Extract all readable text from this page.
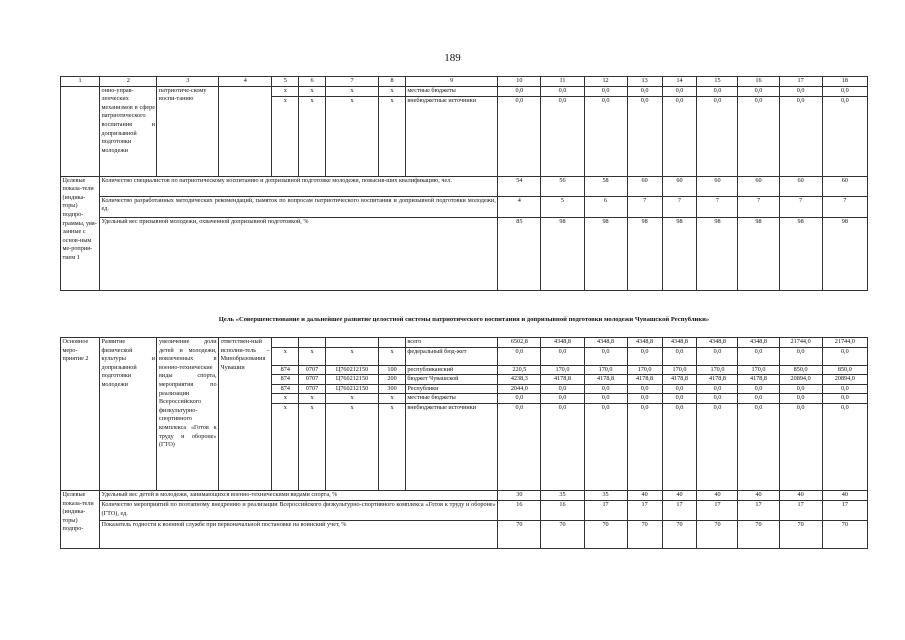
189
1	2	3	4	5	6	7	8	9	10	11	12	13	14	15	16	17	18
	онно-управ-ленческих механизмов в сфере патриотического воспитания и допризывной подготовки молодежи	патриотиче-скому воспи-танию		x	x	x	x	местные бюджеты	0,0	0,0	0,0	0,0	0,0	0,0	0,0	0,0	0,0
				x	x	x	x	внебюджетные источники	0,0	0,0	0,0	0,0	0,0	0,0	0,0	0,0	0,0
Целевые показа-тели (индика-торы) подпро-граммы, увя-занные с основ-ным ме-роприя-тием 1	Количество специалистов по патриотическому воспитанию и допризывной подготовке молодежи, повысив-ших квалификацию, чел.								54	56	58	60	60	60	60	60	60
	Количество разработанных методических рекомендаций, памяток по вопросам патриотического воспитания и допризывной подготовки молодежи, ед.								4	5	6	7	7	7	7	7	7
	Удельный вес призывной молодежи, охваченной допризывной подготовкой, %								85	98	98	98	98	98	98	98	98
Цель «Совершенствование и дальнейшее развитие целостной системы патриотического воспитания и допризывной подготовки молодежи Чувашской Республики»
Основное меро-приятие 2	Развитие физической культуры и допризывной подготовки молодежи	увеличение доли детей и молодежи, вовлеченных в военно-технические виды спорта, мероприятия по реализации Всероссийского физкультурно-спортивного комплекса «Готов к труду и обороне» (ГТО)	ответствен-ный исполни-тель – Минобразования Чувашии					всего	6502,8	4348,8	4348,8	4348,8	4348,8	4348,8	4348,8	21744,0	21744,0
				x	x	x	x	федеральный бюд-жет	0,0	0,0	0,0	0,0	0,0	0,0	0,0	0,0	0,0
				874	0707	Ц760212150	100	республиканский	220,5	170,0	170,0	170,0	170,0	170,0	170,0	850,0	850,0
				874	0707	Ц760212150	200	бюджет Чувашской	4238,3	4178,8	4178,8	4178,8	4178,8	4178,8	4178,8	20894,0	20894,0
				874	0707	Ц760212150	300	Республики	2044,0	0,0	0,0	0,0	0,0	0,0	0,0	0,0	0,0
				x	x	x	x	местные бюджеты	0,0	0,0	0,0	0,0	0,0	0,0	0,0	0,0	0,0
				x	x	x	x	внебюджетные источники	0,0	0,0	0,0	0,0	0,0	0,0	0,0	0,0	0,0
Целевые показа-тели (индика-торы) подпро-	Удельный вес детей и молодежи, занимающихся военно-техническими видами спорта, %								30	35	35	40	40	40	40	40	40
	Количество мероприятий по поэтапному внедрению и реализации Всероссийского физкультурно-спортивного комплекса «Готов к труду и обороне» (ГТО), ед.								16	16	17	17	17	17	17	17	17
	Показатель годности к военной службе при первоначальной постановке на воинский учет, %								70	70	70	70	70	70	70	70	70
